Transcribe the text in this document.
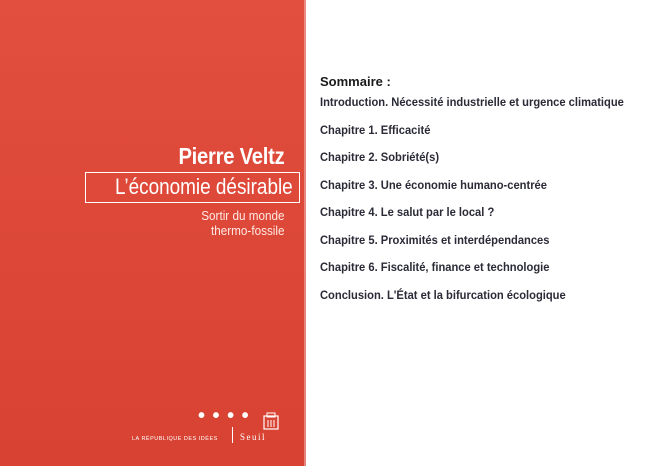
Pierre Veltz
L’économie désirable
Sortir du monde
thermo-fossile
• • • •
LA RÉPUBLIQUE DES IDÉES Seuil
Sommaire :
Introduction. Nécessité industrielle et urgence climatique
Chapitre 1. Efficacité
Chapitre 2. Sobriété(s)
Chapitre 3. Une économie humano-centrée
Chapitre 4. Le salut par le local ?
Chapitre 5. Proximités et interdépendances
Chapitre 6. Fiscalité, finance et technologie
Conclusion. L'État et la bifurcation écologique
